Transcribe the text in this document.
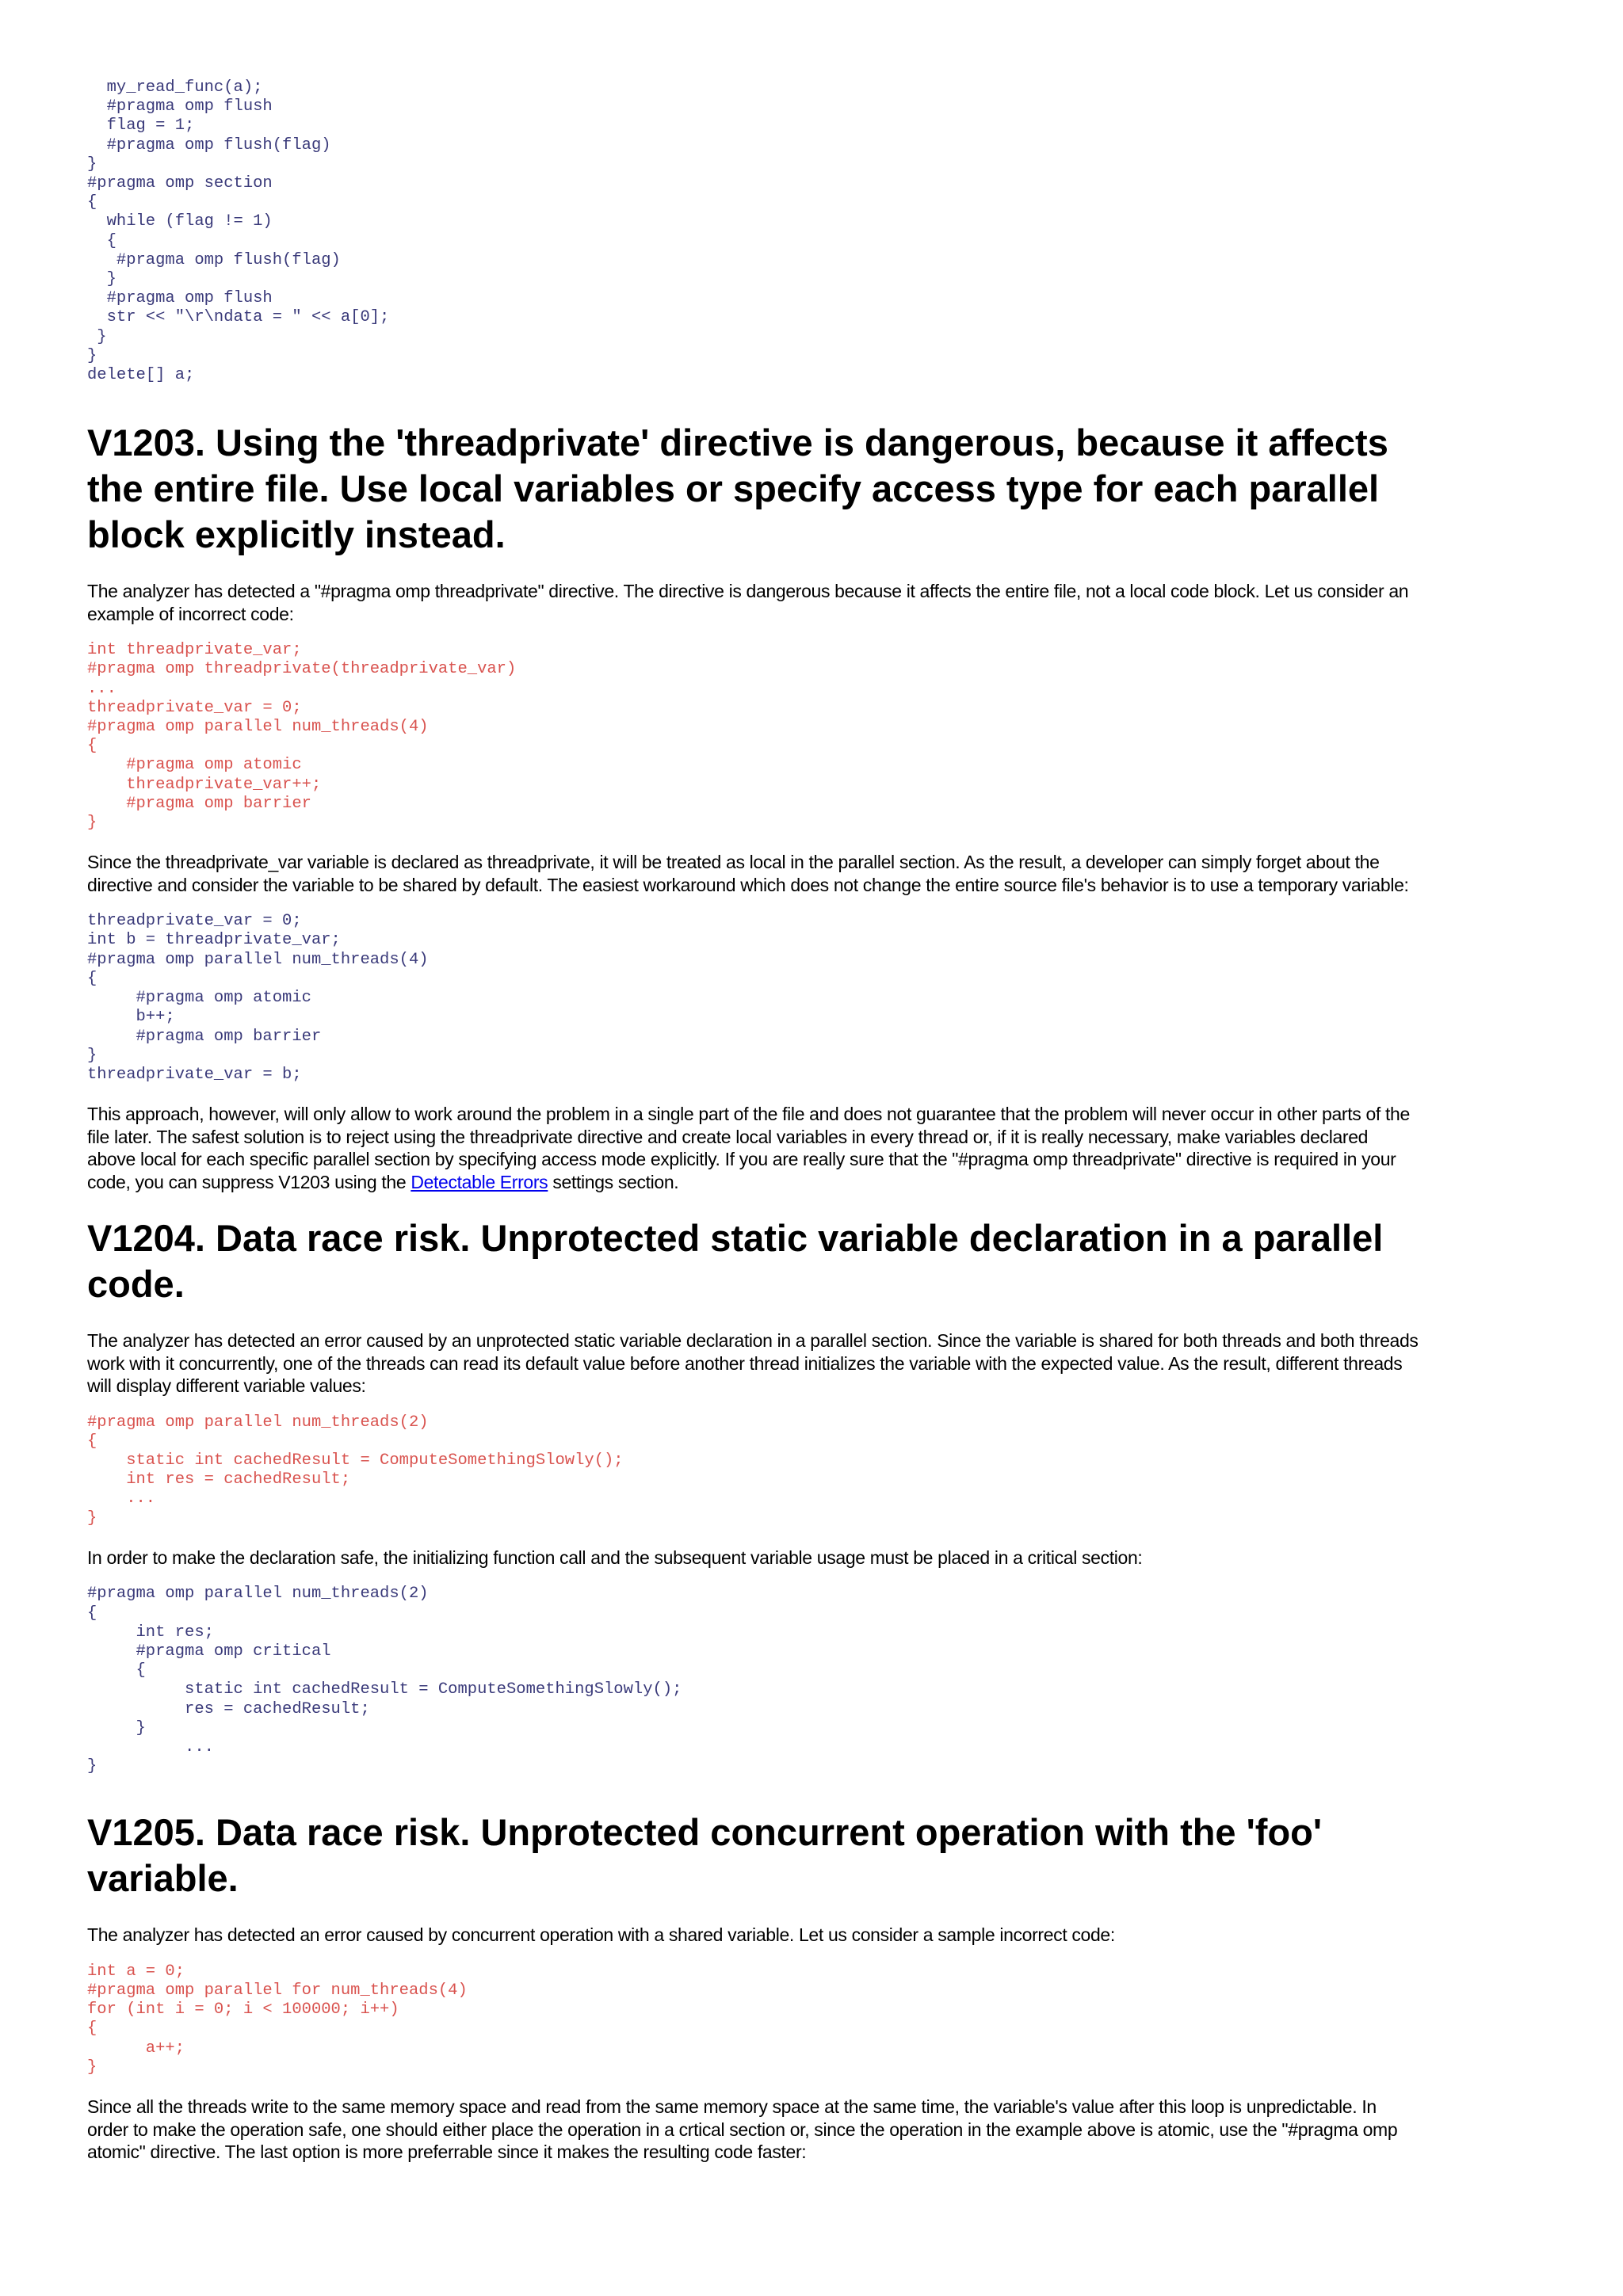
my_read_func(a);
#pragma omp flush
flag = 1;
#pragma omp flush(flag)
}
#pragma omp section
{
while (flag != 1)
{
#pragma omp flush(flag)
}
#pragma omp flush
str << "\r\ndata = " << a[0];
}
}
delete[] a;
V1203. Using the 'threadprivate' directive is dangerous, because it affects the entire file. Use local variables or specify access type for each parallel block explicitly instead.

The analyzer has detected a "#pragma omp threadprivate" directive. The directive is dangerous because it affects the entire file, not a local code block. Let us consider an example of incorrect code:

int threadprivate_var;
#pragma omp threadprivate(threadprivate_var)
...
threadprivate_var = 0;
#pragma omp parallel num_threads(4)
{
#pragma omp atomic
threadprivate_var++;
#pragma omp barrier
}

Since the threadprivate_var variable is declared as threadprivate, it will be treated as local in the parallel section. As the result, a developer can simply forget about the directive and consider the variable to be shared by default. The easiest workaround which does not change the entire source file's behavior is to use a temporary variable:

threadprivate_var = 0;
int b = threadprivate_var;
#pragma omp parallel num_threads(4)
{
#pragma omp atomic
b++;
#pragma omp barrier
}
threadprivate_var = b;

This approach, however, will only allow to work around the problem in a single part of the file and does not guarantee that the problem will never occur in other parts of the file later. The safest solution is to reject using the threadprivate directive and create local variables in every thread or, if it is really necessary, make variables declared above local for each specific parallel section by specifying access mode explicitly. If you are really sure that the "#pragma omp threadprivate" directive is required in your code, you can suppress V1203 using the Detectable Errors settings section.

V1204. Data race risk. Unprotected static variable declaration in a parallel code.

The analyzer has detected an error caused by an unprotected static variable declaration in a parallel section. Since the variable is shared for both threads and both threads work with it concurrently, one of the threads can read its default value before another thread initializes the variable with the expected value. As the result, different threads will display different variable values:

#pragma omp parallel num_threads(2)
{
static int cachedResult = ComputeSomethingSlowly();
int res = cachedResult;
...
}

In order to make the declaration safe, the initializing function call and the subsequent variable usage must be placed in a critical section:

#pragma omp parallel num_threads(2)
{
int res;
#pragma omp critical
{
static int cachedResult = ComputeSomethingSlowly();
res = cachedResult;
}
...
}
V1205. Data race risk. Unprotected concurrent operation with the 'foo' variable.

The analyzer has detected an error caused by concurrent operation with a shared variable. Let us consider a sample incorrect code:

int a = 0;
#pragma omp parallel for num_threads(4)
for (int i = 0; i < 100000; i++)
{
a++;
}

Since all the threads write to the same memory space and read from the same memory space at the same time, the variable's value after this loop is unpredictable. In order to make the operation safe, one should either place the operation in a crtical section or, since the operation in the example above is atomic, use the "#pragma omp atomic" directive. The last option is more preferrable since it makes the resulting code faster:
